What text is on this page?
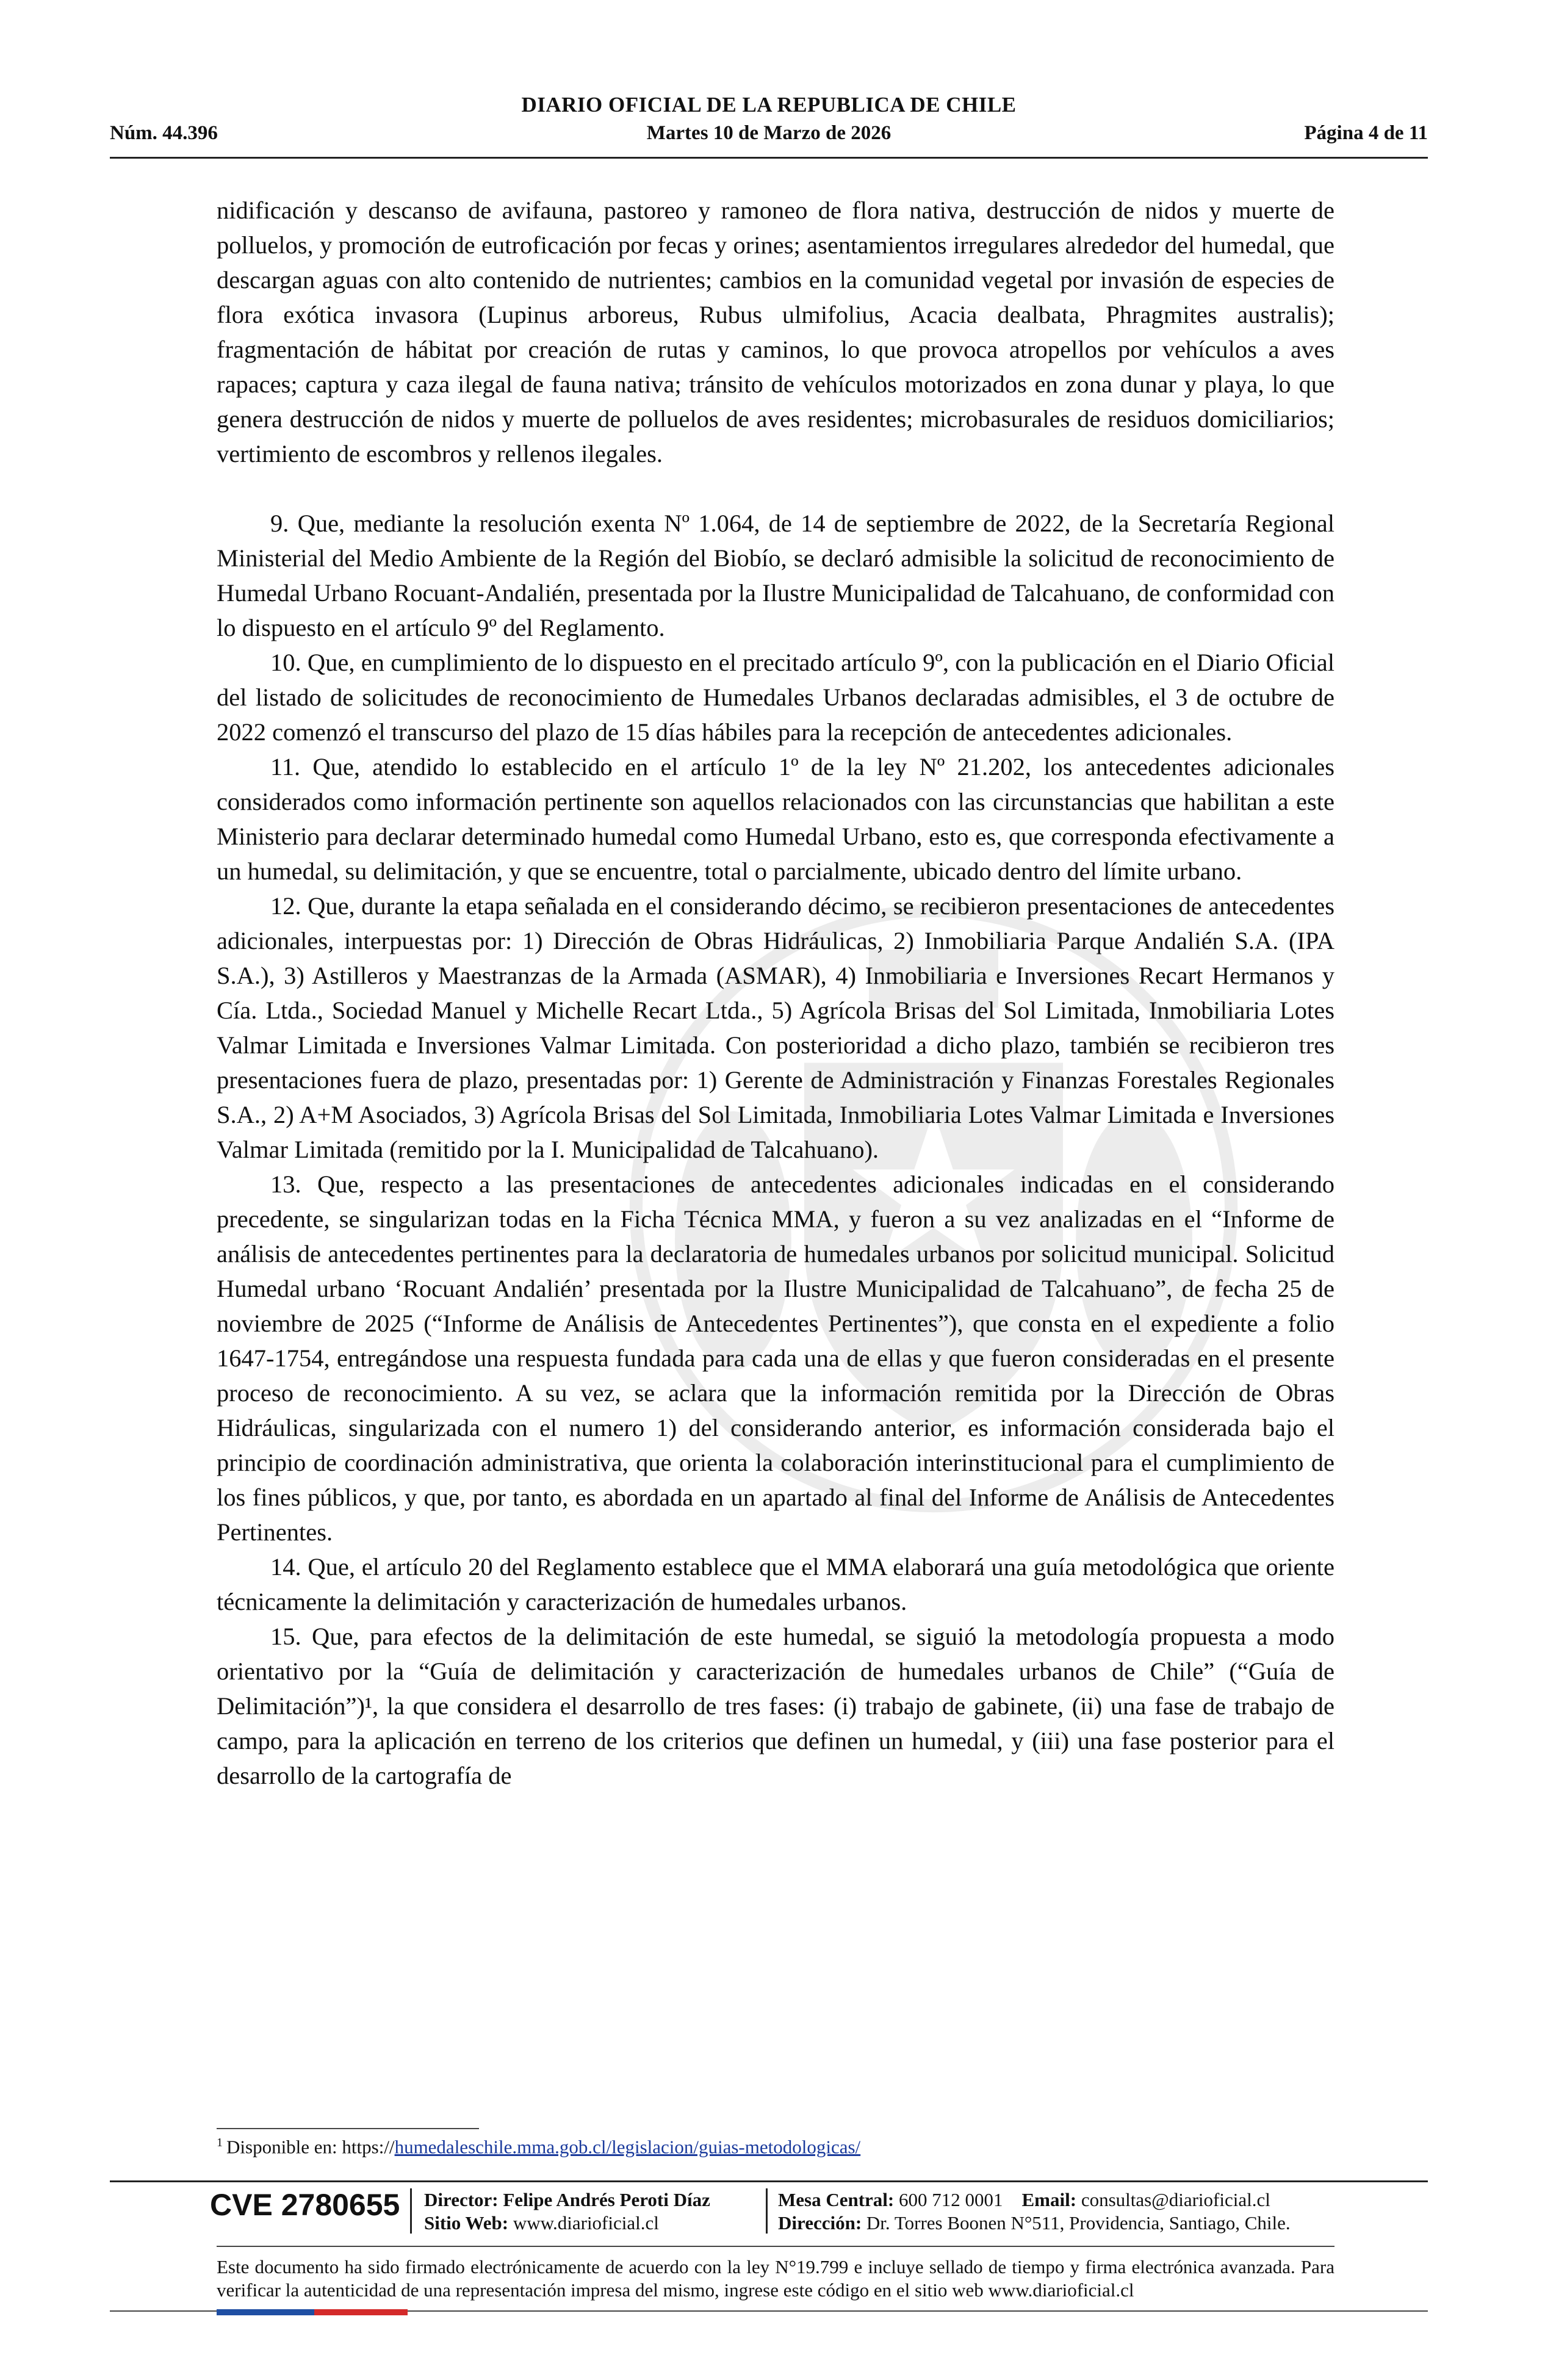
DIARIO OFICIAL DE LA REPUBLICA DE CHILE
Núm. 44.396	Martes 10 de Marzo de 2026	Página 4 de 11

nidificación y descanso de avifauna, pastoreo y ramoneo de flora nativa, destrucción de nidos y muerte de polluelos, y promoción de eutroficación por fecas y orines; asentamientos irregulares alrededor del humedal, que descargan aguas con alto contenido de nutrientes; cambios en la comunidad vegetal por invasión de especies de flora exótica invasora (Lupinus arboreus, Rubus ulmifolius, Acacia dealbata, Phragmites australis); fragmentación de hábitat por creación de rutas y caminos, lo que provoca atropellos por vehículos a aves rapaces; captura y caza ilegal de fauna nativa; tránsito de vehículos motorizados en zona dunar y playa, lo que genera destrucción de nidos y muerte de polluelos de aves residentes; microbasurales de residuos domiciliarios; vertimiento de escombros y rellenos ilegales.

9. Que, mediante la resolución exenta Nº 1.064, de 14 de septiembre de 2022, de la Secretaría Regional Ministerial del Medio Ambiente de la Región del Biobío, se declaró admisible la solicitud de reconocimiento de Humedal Urbano Rocuant-Andalién, presentada por la Ilustre Municipalidad de Talcahuano, de conformidad con lo dispuesto en el artículo 9º del Reglamento.

10. Que, en cumplimiento de lo dispuesto en el precitado artículo 9º, con la publicación en el Diario Oficial del listado de solicitudes de reconocimiento de Humedales Urbanos declaradas admisibles, el 3 de octubre de 2022 comenzó el transcurso del plazo de 15 días hábiles para la recepción de antecedentes adicionales.

11. Que, atendido lo establecido en el artículo 1º de la ley Nº 21.202, los antecedentes adicionales considerados como información pertinente son aquellos relacionados con las circunstancias que habilitan a este Ministerio para declarar determinado humedal como Humedal Urbano, esto es, que corresponda efectivamente a un humedal, su delimitación, y que se encuentre, total o parcialmente, ubicado dentro del límite urbano.

12. Que, durante la etapa señalada en el considerando décimo, se recibieron presentaciones de antecedentes adicionales, interpuestas por: 1) Dirección de Obras Hidráulicas, 2) Inmobiliaria Parque Andalién S.A. (IPA S.A.), 3) Astilleros y Maestranzas de la Armada (ASMAR), 4) Inmobiliaria e Inversiones Recart Hermanos y Cía. Ltda., Sociedad Manuel y Michelle Recart Ltda., 5) Agrícola Brisas del Sol Limitada, Inmobiliaria Lotes Valmar Limitada e Inversiones Valmar Limitada. Con posterioridad a dicho plazo, también se recibieron tres presentaciones fuera de plazo, presentadas por: 1) Gerente de Administración y Finanzas Forestales Regionales S.A., 2) A+M Asociados, 3) Agrícola Brisas del Sol Limitada, Inmobiliaria Lotes Valmar Limitada e Inversiones Valmar Limitada (remitido por la I. Municipalidad de Talcahuano).

13. Que, respecto a las presentaciones de antecedentes adicionales indicadas en el considerando precedente, se singularizan todas en la Ficha Técnica MMA, y fueron a su vez analizadas en el “Informe de análisis de antecedentes pertinentes para la declaratoria de humedales urbanos por solicitud municipal. Solicitud Humedal urbano ‘Rocuant Andalién’ presentada por la Ilustre Municipalidad de Talcahuano”, de fecha 25 de noviembre de 2025 (“Informe de Análisis de Antecedentes Pertinentes”), que consta en el expediente a folio 1647-1754, entregándose una respuesta fundada para cada una de ellas y que fueron consideradas en el presente proceso de reconocimiento. A su vez, se aclara que la información remitida por la Dirección de Obras Hidráulicas, singularizada con el numero 1) del considerando anterior, es información considerada bajo el principio de coordinación administrativa, que orienta la colaboración interinstitucional para el cumplimiento de los fines públicos, y que, por tanto, es abordada en un apartado al final del Informe de Análisis de Antecedentes Pertinentes.

14. Que, el artículo 20 del Reglamento establece que el MMA elaborará una guía metodológica que oriente técnicamente la delimitación y caracterización de humedales urbanos.

15. Que, para efectos de la delimitación de este humedal, se siguió la metodología propuesta a modo orientativo por la “Guía de delimitación y caracterización de humedales urbanos de Chile” (“Guía de Delimitación”)¹, la que considera el desarrollo de tres fases: (i) trabajo de gabinete, (ii) una fase de trabajo de campo, para la aplicación en terreno de los criterios que definen un humedal, y (iii) una fase posterior para el desarrollo de la cartografía de

$^1$ Disponible en: https://humedaleschile.mma.gob.cl/legislacion/guias-metodologicas/
CVE 2780655 Director: Felipe Andrés Peroti Díaz
Sitio Web: www.diarioficial.cl
Mesa Central: 600 712 0001 Email: consultas@diarioficial.cl
Dirección: Dr. Torres Boonen N°511, Providencia, Santiago, Chile.
Este documento ha sido firmado electrónicamente de acuerdo con la ley N°19.799 e incluye sellado de tiempo y firma electrónica avanzada. Para verificar la autenticidad de una representación impresa del mismo, ingrese este código en el sitio web www.diarioficial.cl
